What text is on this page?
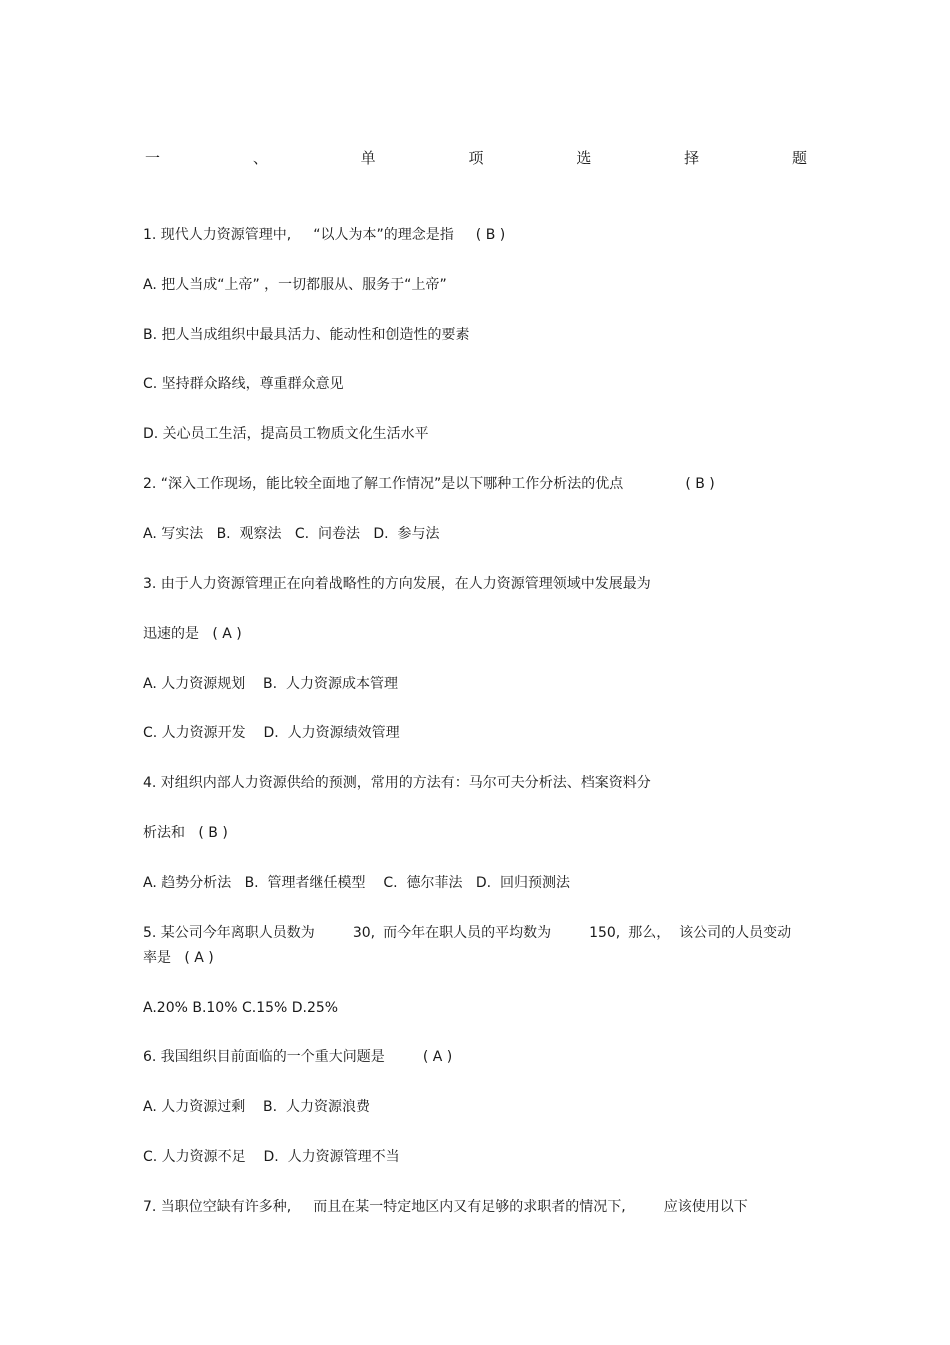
一	、	单	项	选	择	题
1. 现代人力资源管理中, “以人为本”的理念是指 ( B )
A. 把人当成“上帝” ，一切都服从、服务于“上帝”
B. 把人当成组织中最具活力、能动性和创造性的要素
C. 坚持群众路线，尊重群众意见
D. 关心员工生活，提高员工物质文化生活水平
2. “深入工作现场，能比较全面地了解工作情况”是以下哪种工作分析法的优点	( B )
A. 写实法   B.  观察法   C.  问卷法   D.  参与法
3. 由于人力资源管理正在向着战略性的方向发展，在人力资源管理领域中发展最为
迅速的是   ( A )
A. 人力资源规划    B.  人力资源成本管理
C. 人力资源开发    D.  人力资源绩效管理
4. 对组织内部人力资源供给的预测，常用的方法有：马尔可夫分析法、档案资料分
析法和   ( B )
A. 趋势分析法   B.  管理者继任模型    C.  德尔菲法   D.  回归预测法
5. 某公司今年离职人员数为	30, 而今年在职人员的平均数为	150, 那么，  该公司的人员变动
率是   ( A )
A.20% B.10% C.15% D.25%
6. 我国组织目前面临的一个重大问题是	( A )
A. 人力资源过剩    B.  人力资源浪费
C. 人力资源不足    D.  人力资源管理不当
7. 当职位空缺有许多种, 而且在某一特定地区内又有足够的求职者的情况下,	应该使用以下
